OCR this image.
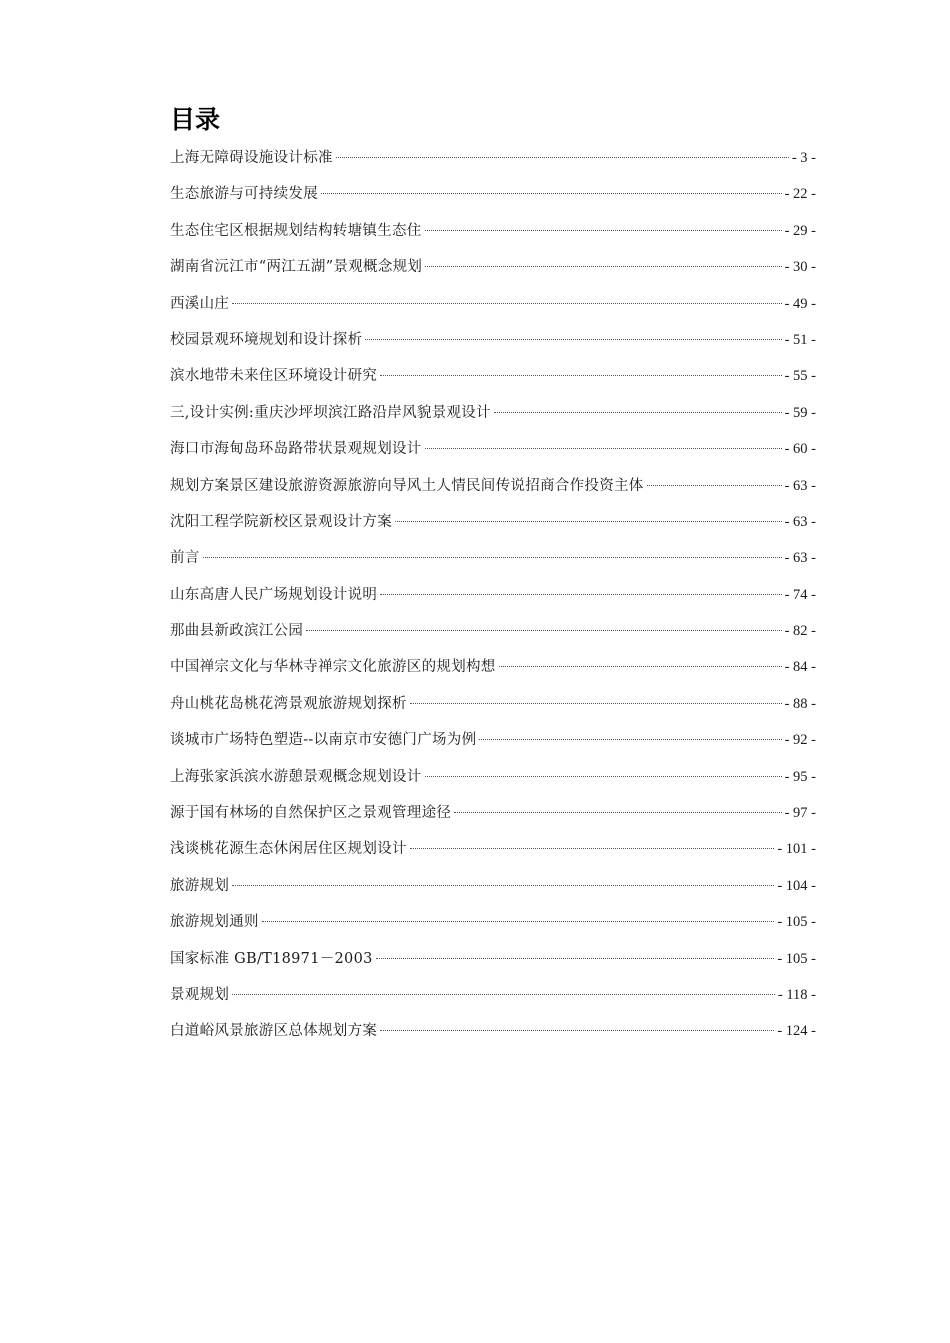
目录
上海无障碍设施设计标准	- 3 -
生态旅游与可持续发展	- 22 -
生态住宅区根据规划结构转塘镇生态住	- 29 -
湖南省沅江市“两江五湖”景观概念规划	- 30 -
西溪山庄	- 49 -
校园景观环境规划和设计探析	- 51 -
滨水地带未来住区环境设计研究	- 55 -
三,设计实例:重庆沙坪坝滨江路沿岸风貌景观设计	- 59 -
海口市海甸岛环岛路带状景观规划设计	- 60 -
规划方案景区建设旅游资源旅游向导风土人情民间传说招商合作投资主体	- 63 -
沈阳工程学院新校区景观设计方案	- 63 -
前言	- 63 -
山东高唐人民广场规划设计说明	- 74 -
那曲县新政滨江公园	- 82 -
中国禅宗文化与华林寺禅宗文化旅游区的规划构想	- 84 -
舟山桃花岛桃花湾景观旅游规划探析	- 88 -
谈城市广场特色塑造--以南京市安德门广场为例	- 92 -
上海张家浜滨水游憩景观概念规划设计	- 95 -
源于国有林场的自然保护区之景观管理途径	- 97 -
浅谈桃花源生态休闲居住区规划设计	- 101 -
旅游规划	- 104 -
旅游规划通则	- 105 -
国家标准 GB/T18971－2003	- 105 -
景观规划	- 118 -
白道峪风景旅游区总体规划方案	- 124 -
